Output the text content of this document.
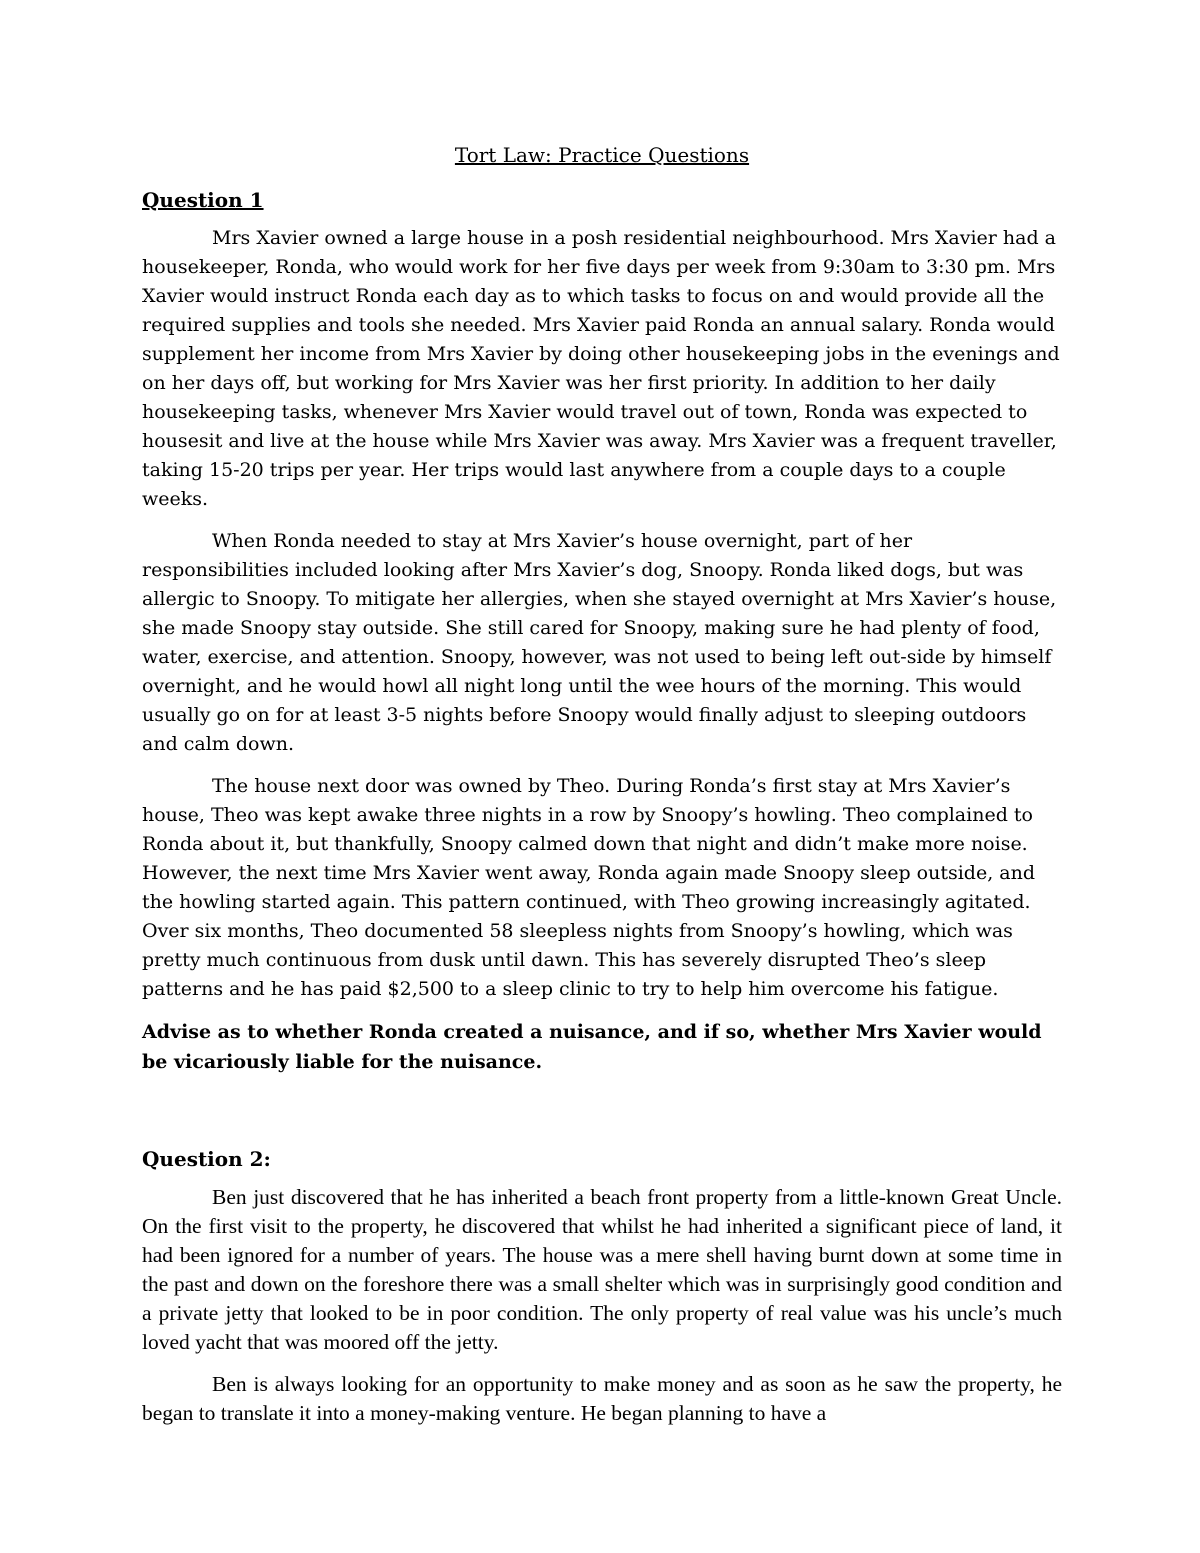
Tort Law: Practice Questions
Question 1

Mrs Xavier owned a large house in a posh residential neighbourhood. Mrs Xavier had a housekeeper, Ronda, who would work for her five days per week from 9:30am to 3:30 pm. Mrs Xavier would instruct Ronda each day as to which tasks to focus on and would provide all the required supplies and tools she needed. Mrs Xavier paid Ronda an annual salary. Ronda would supplement her income from Mrs Xavier by doing other housekeeping jobs in the evenings and on her days off, but working for Mrs Xavier was her first priority. In addition to her daily housekeeping tasks, whenever Mrs Xavier would travel out of town, Ronda was expected to housesit and live at the house while Mrs Xavier was away. Mrs Xavier was a frequent traveller, taking 15-20 trips per year. Her trips would last anywhere from a couple days to a couple weeks.

When Ronda needed to stay at Mrs Xavier’s house overnight, part of her responsibilities included looking after Mrs Xavier’s dog, Snoopy. Ronda liked dogs, but was allergic to Snoopy. To mitigate her allergies, when she stayed overnight at Mrs Xavier’s house, she made Snoopy stay outside. She still cared for Snoopy, making sure he had plenty of food, water, exercise, and attention. Snoopy, however, was not used to being left out-side by himself overnight, and he would howl all night long until the wee hours of the morning. This would usually go on for at least 3-5 nights before Snoopy would finally adjust to sleeping outdoors and calm down.

The house next door was owned by Theo. During Ronda’s first stay at Mrs Xavier’s house, Theo was kept awake three nights in a row by Snoopy’s howling. Theo complained to Ronda about it, but thankfully, Snoopy calmed down that night and didn’t make more noise. However, the next time Mrs Xavier went away, Ronda again made Snoopy sleep outside, and the howling started again. This pattern continued, with Theo growing increasingly agitated. Over six months, Theo documented 58 sleepless nights from Snoopy’s howling, which was pretty much continuous from dusk until dawn. This has severely disrupted Theo’s sleep patterns and he has paid $2,500 to a sleep clinic to try to help him overcome his fatigue.

Advise as to whether Ronda created a nuisance, and if so, whether Mrs Xavier would be vicariously liable for the nuisance.

Question 2:

Ben just discovered that he has inherited a beach front property from a little-known Great Uncle. On the first visit to the property, he discovered that whilst he had inherited a significant piece of land, it had been ignored for a number of years. The house was a mere shell having burnt down at some time in the past and down on the foreshore there was a small shelter which was in surprisingly good condition and a private jetty that looked to be in poor condition. The only property of real value was his uncle’s much loved yacht that was moored off the jetty.

Ben is always looking for an opportunity to make money and as soon as he saw the property, he began to translate it into a money-making venture. He began planning to have a
